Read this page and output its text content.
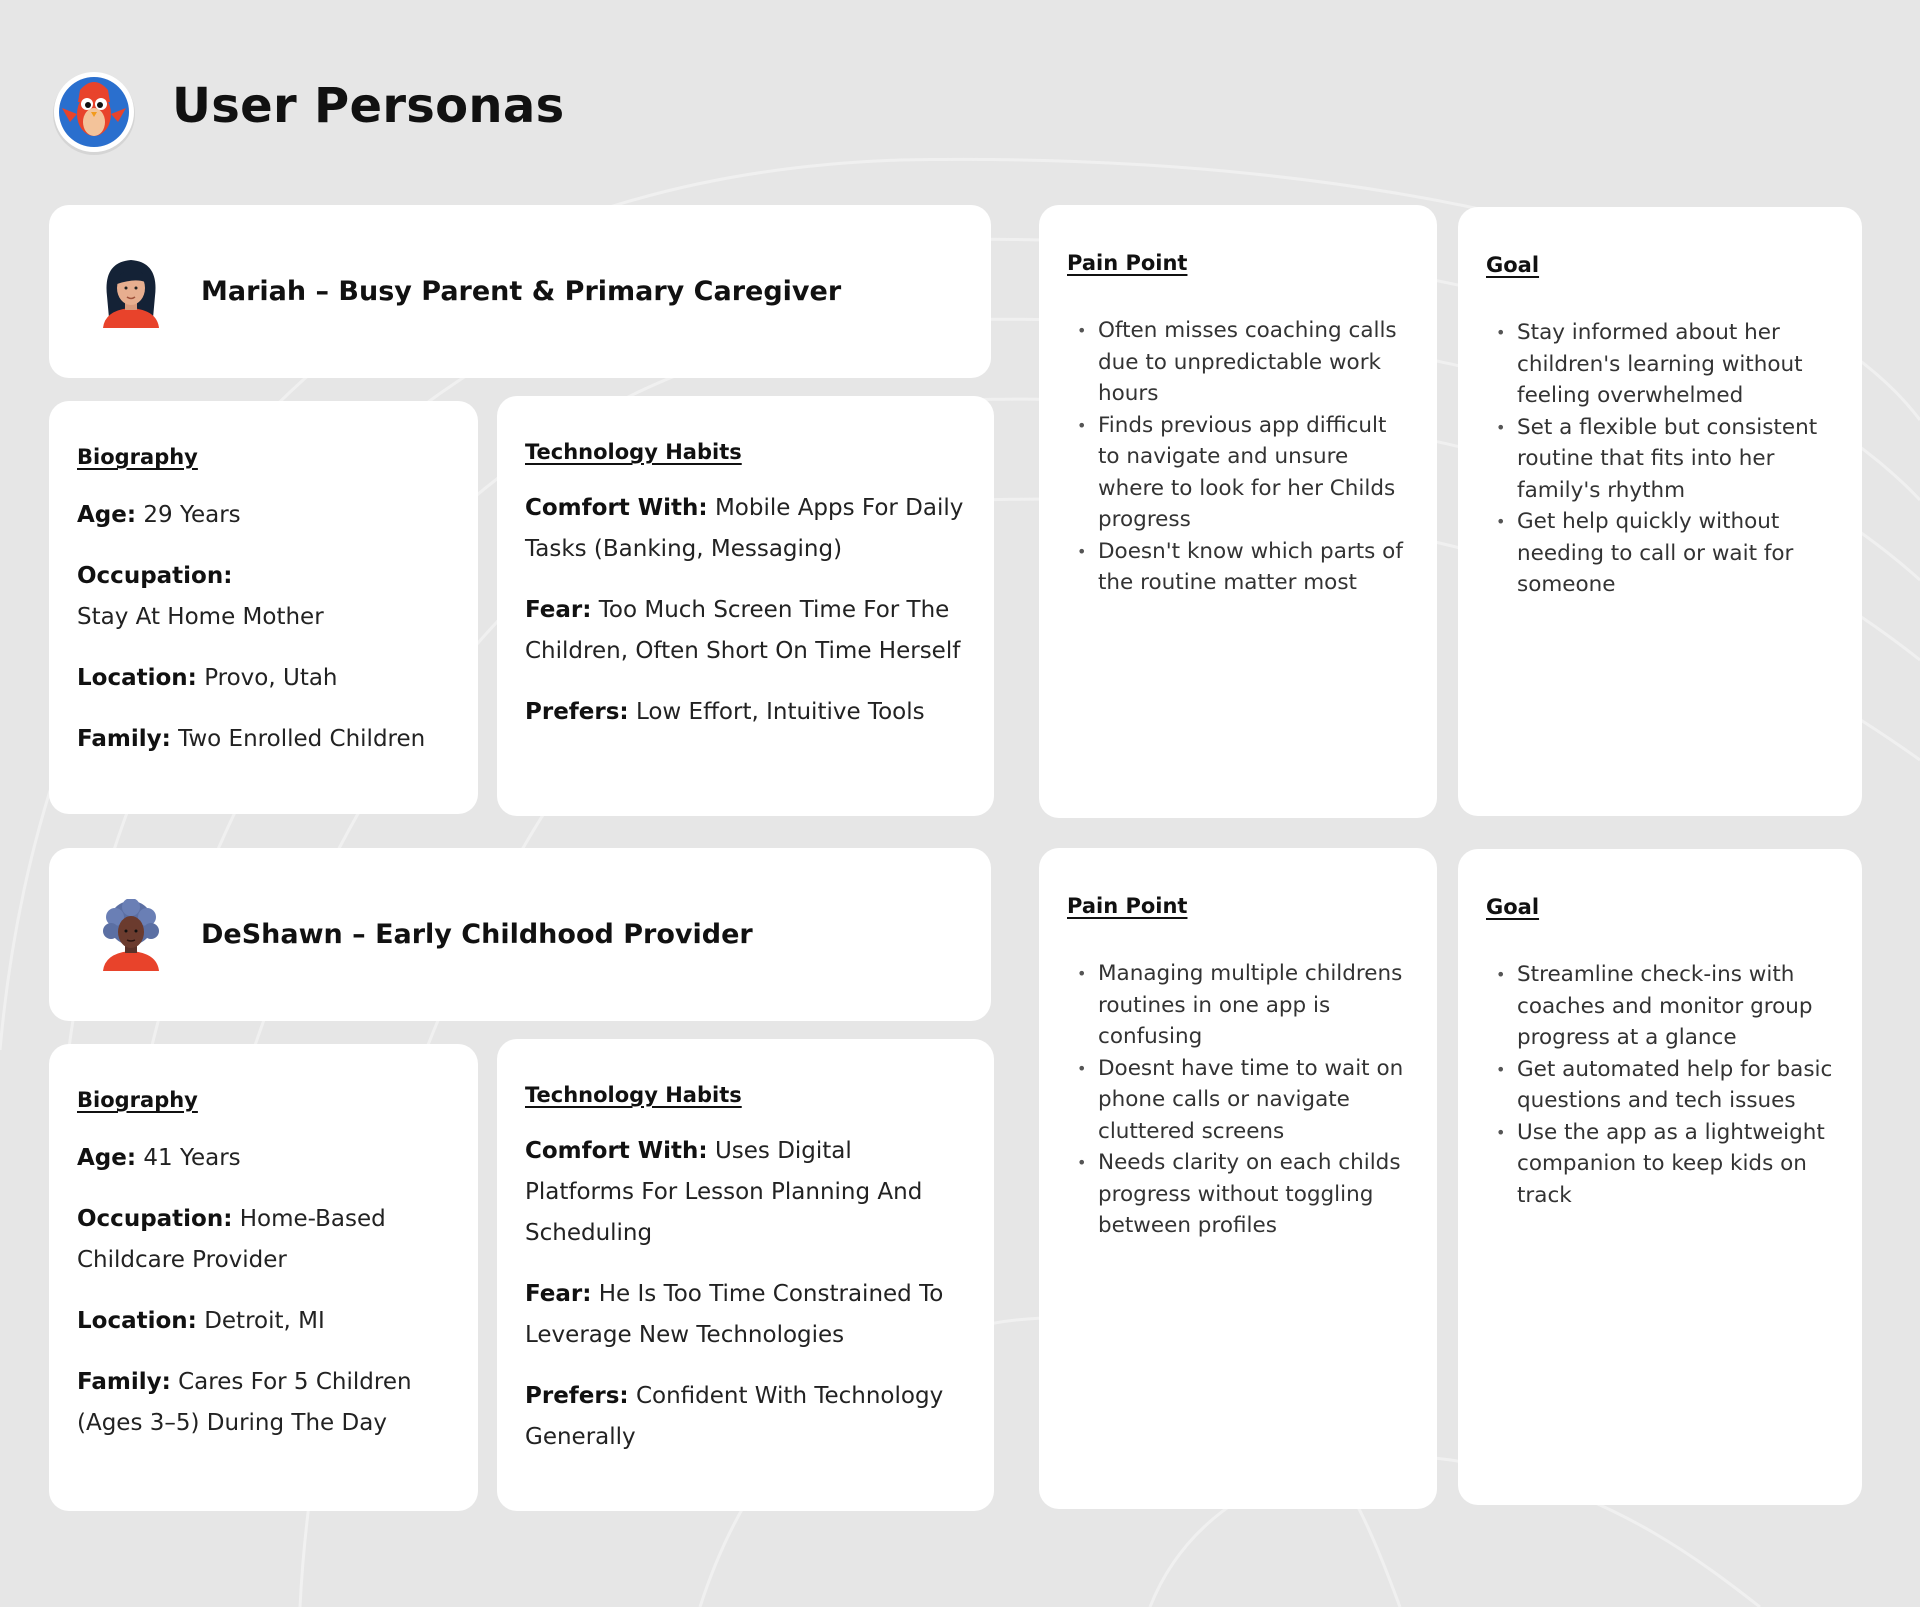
User Personas
Mariah – Busy Parent & Primary Caregiver
Biography

Age: 29 Years

Occupation:
Stay At Home Mother

Location: Provo, Utah

Family: Two Enrolled Children

Technology Habits

Comfort With: Mobile Apps For Daily Tasks (Banking, Messaging)

Fear: Too Much Screen Time For The Children, Often Short On Time Herself

Prefers: Low Effort, Intuitive Tools

Pain Point
• Often misses coaching calls due to unpredictable work hours
• Finds previous app difficult to navigate and unsure where to look for her Childs progress
• Doesn't know which parts of the routine matter most
Goal
• Stay informed about her children's learning without feeling overwhelmed
• Set a flexible but consistent routine that fits into her family's rhythm
• Get help quickly without needing to call or wait for someone
DeShawn – Early Childhood Provider
Biography

Age: 41 Years

Occupation: Home-Based Childcare Provider

Location: Detroit, MI

Family: Cares For 5 Children (Ages 3–5) During The Day

Technology Habits

Comfort With: Uses Digital Platforms For Lesson Planning And Scheduling

Fear: He Is Too Time Constrained To Leverage New Technologies

Prefers: Confident With Technology Generally

Pain Point
• Managing multiple childrens routines in one app is confusing
• Doesnt have time to wait on phone calls or navigate cluttered screens
• Needs clarity on each childs progress without toggling between profiles
Goal
• Streamline check-ins with coaches and monitor group progress at a glance
• Get automated help for basic questions and tech issues
• Use the app as a lightweight companion to keep kids on track
